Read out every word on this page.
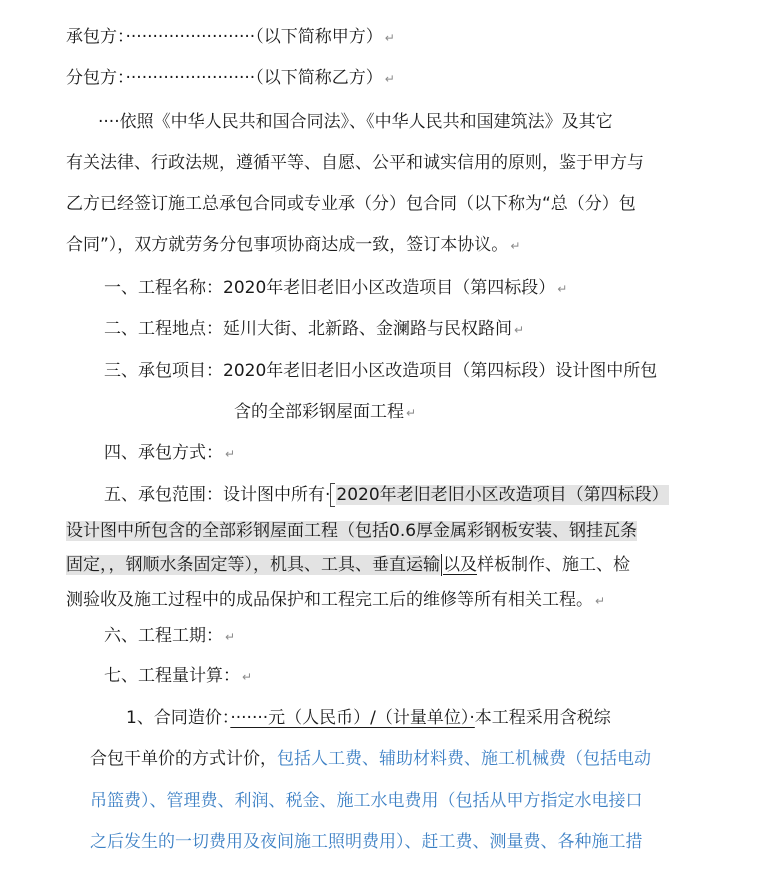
承包方：························（以下简称甲方） ↵
分包方：························（以下简称乙方） ↵
····依照《中华人民共和国合同法》、《中华人民共和国建筑法》及其它
有关法律、行政法规，遵循平等、自愿、公平和诚实信用的原则，鉴于甲方与
乙方已经签订施工总承包合同或专业承（分）包合同（以下称为“总（分）包
合同”），双方就劳务分包事项协商达成一致，签订本协议。 ↵
一、工程名称：2020年老旧老旧小区改造项目（第四标段） ↵
二、工程地点：延川大街、北新路、金澜路与民权路间 ↵
三、承包项目：2020年老旧老旧小区改造项目（第四标段）设计图中所包
含的全部彩钢屋面工程 ↵
四、承包方式： ↵
五、承包范围：设计图中所有· 2020年老旧老旧小区改造项目（第四标段）
设计图中所包含的全部彩钢屋面工程（包括0.6厚金属彩钢板安装、钢挂瓦条
固定，，钢顺水条固定等），机具、工具、垂直运输 以及样板制作、施工、检
测验收及施工过程中的成品保护和工程完工后的维修等所有相关工程。 ↵
六、工程工期： ↵
七、工程量计算： ↵
1、合同造价：·······元（人民币）/（计量单位）·本工程采用含税综
合包干单价的方式计价，包括人工费、辅助材料费、施工机械费（包括电动
吊篮费）、管理费、利润、税金、施工水电费用（包括从甲方指定水电接口
之后发生的一切费用及夜间施工照明费用）、赶工费、测量费、各种施工措
